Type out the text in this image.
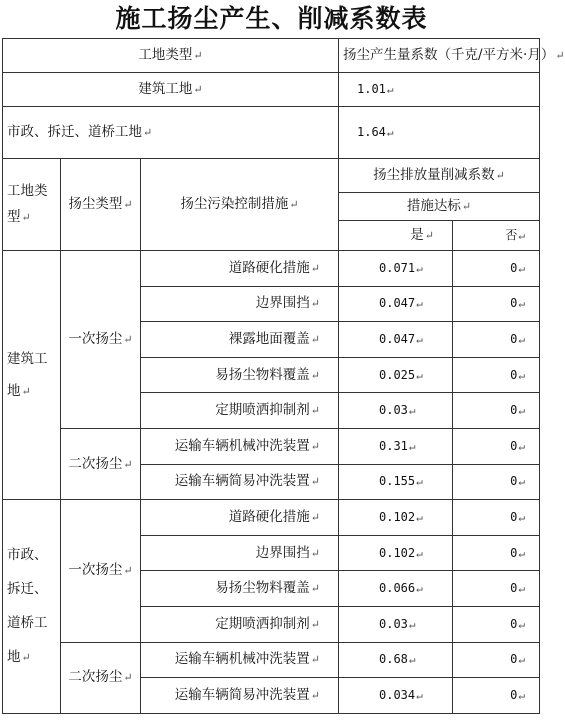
施工扬尘产生、削减系数表
工地类型↵			扬尘产生量系数（千克/平方米·月）↵	
建筑工地↵			1.01↵	
市政、拆迁、道桥工地↵			1.64↵	
工地类型↵	扬尘类型↵	扬尘污染控制措施↵	扬尘排放量削减系数↵	
			措施达标↵	
			是↵	否↵
建筑工地↵	一次扬尘↵	道路硬化措施↵	0.071↵	0↵
		边界围挡↵	0.047↵	0↵
		裸露地面覆盖↵	0.047↵	0↵
		易扬尘物料覆盖↵	0.025↵	0↵
		定期喷洒抑制剂↵	0.03↵	0↵
	二次扬尘↵	运输车辆机械冲洗装置↵	0.31↵	0↵
		运输车辆简易冲洗装置↵	0.155↵	0↵
市政、拆迁、道桥工地↵	一次扬尘↵	道路硬化措施↵	0.102↵	0↵
		边界围挡↵	0.102↵	0↵
		易扬尘物料覆盖↵	0.066↵	0↵
		定期喷洒抑制剂↵	0.03↵	0↵
	二次扬尘↵	运输车辆机械冲洗装置↵	0.68↵	0↵
		运输车辆简易冲洗装置↵	0.034↵	0↵
